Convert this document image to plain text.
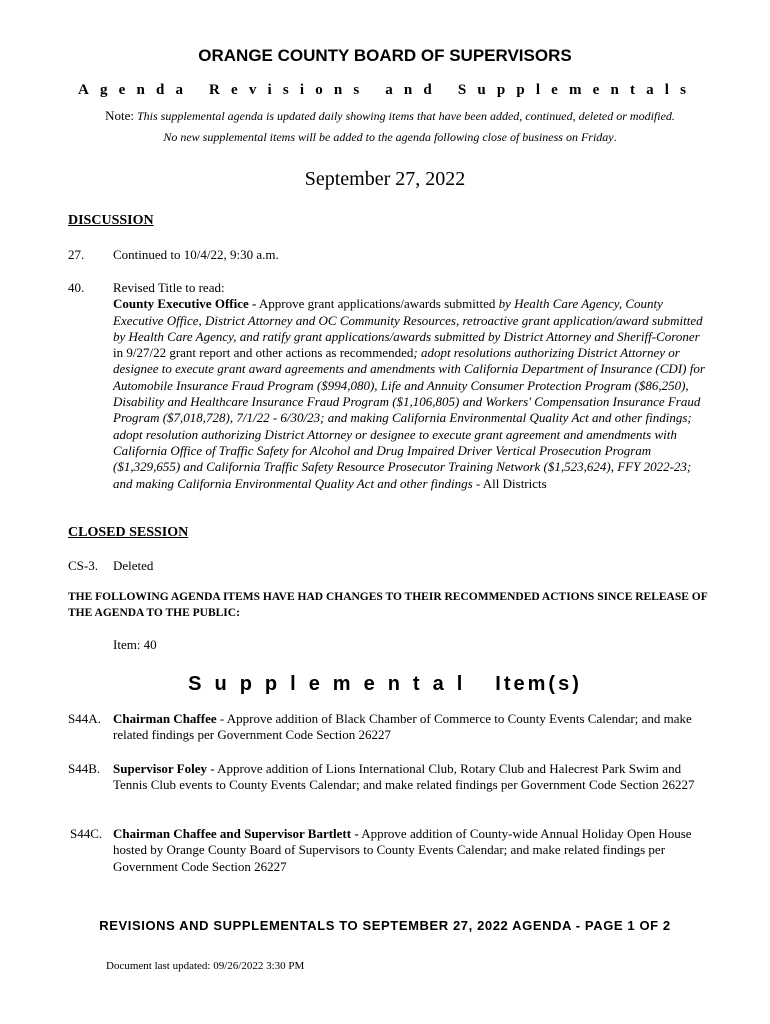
ORANGE COUNTY BOARD OF SUPERVISORS
A g e n d a
R e v i s i o n s
a n d
S u p p l e m e n t a l s
Note: This supplemental agenda is updated daily showing items that have been added, continued, deleted or modified.
No new supplemental items will be added to the agenda following close of business on Friday.
September 27, 2022
DISCUSSION
27. Continued to 10/4/22, 9:30 a.m.
40. Revised Title to read:
County Executive Office - Approve grant applications/awards submitted by Health Care Agency, County Executive Office, District Attorney and OC Community Resources, retroactive grant application/award submitted by Health Care Agency, and ratify grant applications/awards submitted by District Attorney and Sheriff-Coroner in 9/27/22 grant report and other actions as recommended; adopt resolutions authorizing District Attorney or designee to execute grant award agreements and amendments with California Department of Insurance (CDI) for Automobile Insurance Fraud Program ($994,080), Life and Annuity Consumer Protection Program ($86,250), Disability and Healthcare Insurance Fraud Program ($1,106,805) and Workers' Compensation Insurance Fraud Program ($7,018,728), 7/1/22 - 6/30/23; and making California Environmental Quality Act and other findings; adopt resolution authorizing District Attorney or designee to execute grant agreement and amendments with California Office of Traffic Safety for Alcohol and Drug Impaired Driver Vertical Prosecution Program ($1,329,655) and California Traffic Safety Resource Prosecutor Training Network ($1,523,624), FFY 2022-23; and making California Environmental Quality Act and other findings - All Districts
CLOSED SESSION
CS-3. Deleted
THE FOLLOWING AGENDA ITEMS HAVE HAD CHANGES TO THEIR RECOMMENDED ACTIONS SINCE RELEASE OF THE AGENDA TO THE PUBLIC:
Item: 40
Supplemental Item(s)
S44A. Chairman Chaffee - Approve addition of Black Chamber of Commerce to County Events Calendar; and make related findings per Government Code Section 26227
S44B. Supervisor Foley - Approve addition of Lions International Club, Rotary Club and Halecrest Park Swim and Tennis Club events to County Events Calendar; and make related findings per Government Code Section 26227
S44C. Chairman Chaffee and Supervisor Bartlett - Approve addition of County-wide Annual Holiday Open House hosted by Orange County Board of Supervisors to County Events Calendar; and make related findings per Government Code Section 26227
REVISIONS AND SUPPLEMENTALS TO SEPTEMBER 27, 2022 AGENDA - PAGE 1 OF 2
Document last updated: 09/26/2022 3:30 PM
